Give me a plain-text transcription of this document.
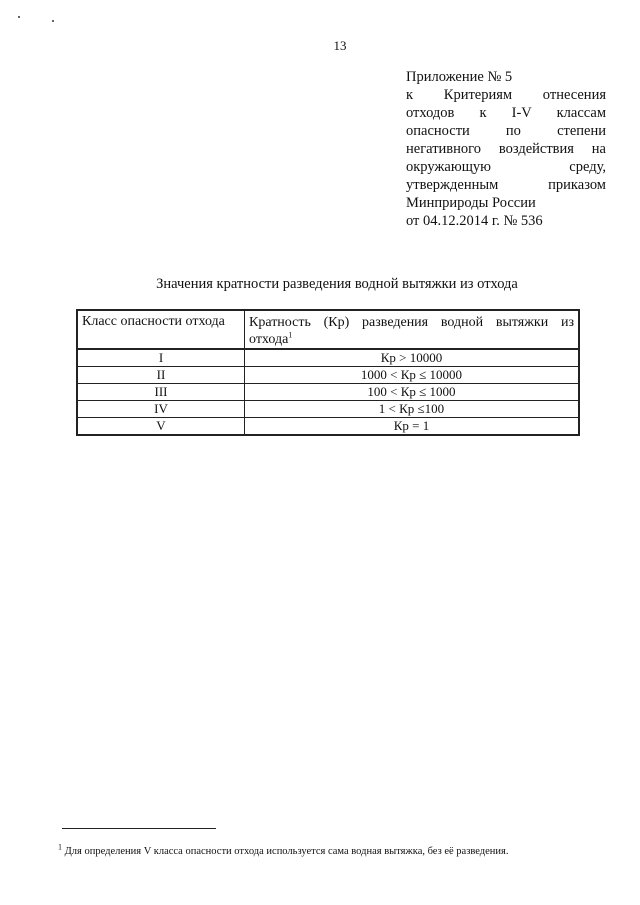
13
Приложение № 5
к Критериям отнесения
отходов к I-V классам
опасности по степени
негативного воздействия на
окружающую среду,
утвержденным приказом
Минприроды России
от 04.12.2014 г. № 536
Значения кратности разведения водной вытяжки из отхода
Класс опасности отхода	Кратность (Кр) разведения водной вытяжки из отхода$^1$

I	Кр > 10000
II	1000 < Кр ≤ 10000
III	100 < Кр ≤ 1000
IV	1 < Кр ≤100
V	Кр = 1
$^1$ Для определения V класса опасности отхода используется сама водная вытяжка, без её разведения.
